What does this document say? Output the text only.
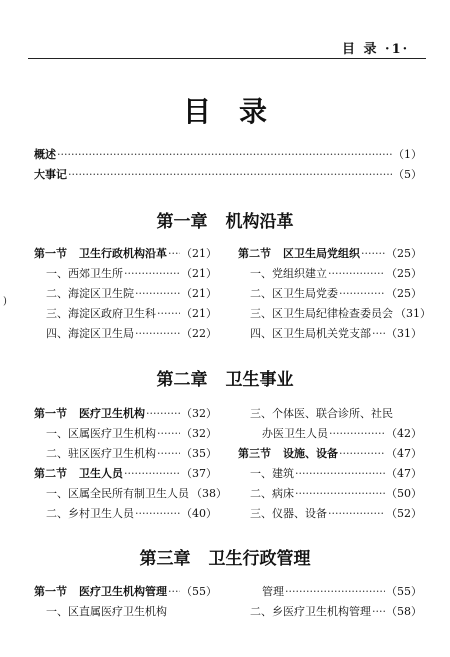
目 录 ·1·
)
目录
概述 ·····	（1）
大事记 ·····	（5）
第一章 机构沿革
第一节 卫生行政机构沿革 ····· （21）
一、西郊卫生所 ·····	（21）
二、海淀区卫生院 ·····	（21）
三、海淀区政府卫生科 ····· （21）
四、海淀区卫生局 ·····	（22）
第二节 区卫生局党组织 ····· （25）
一、党组织建立 ·····	（25）
二、区卫生局党委 ·····	（25）
三、区卫生局纪律检查委员会 （31）
四、区卫生局机关党支部 ····· （31）
第二章 卫生事业
第一节 医疗卫生机构 ·····	（32）
一、区属医疗卫生机构 ····· （32）
二、驻区医疗卫生机构 ····· （35）
第二节 卫生人员 ·····	（37）
一、区属全民所有制卫生人员 （38）
二、乡村卫生人员 ·····	（40）
三、个体医、联合诊所、社民
办医卫生人员 ·····	（42）
第三节 设施、设备 ·····	（47）
一、建筑 ·····	（47）
二、病床 ·····	（50）
三、仪器、设备 ·····	（52）
第三章 卫生行政管理
第一节 医疗卫生机构管理 ····· （55）
一、区直属医疗卫生机构
管理 ·····	（55）
二、乡医疗卫生机构管理 ····· （58）
